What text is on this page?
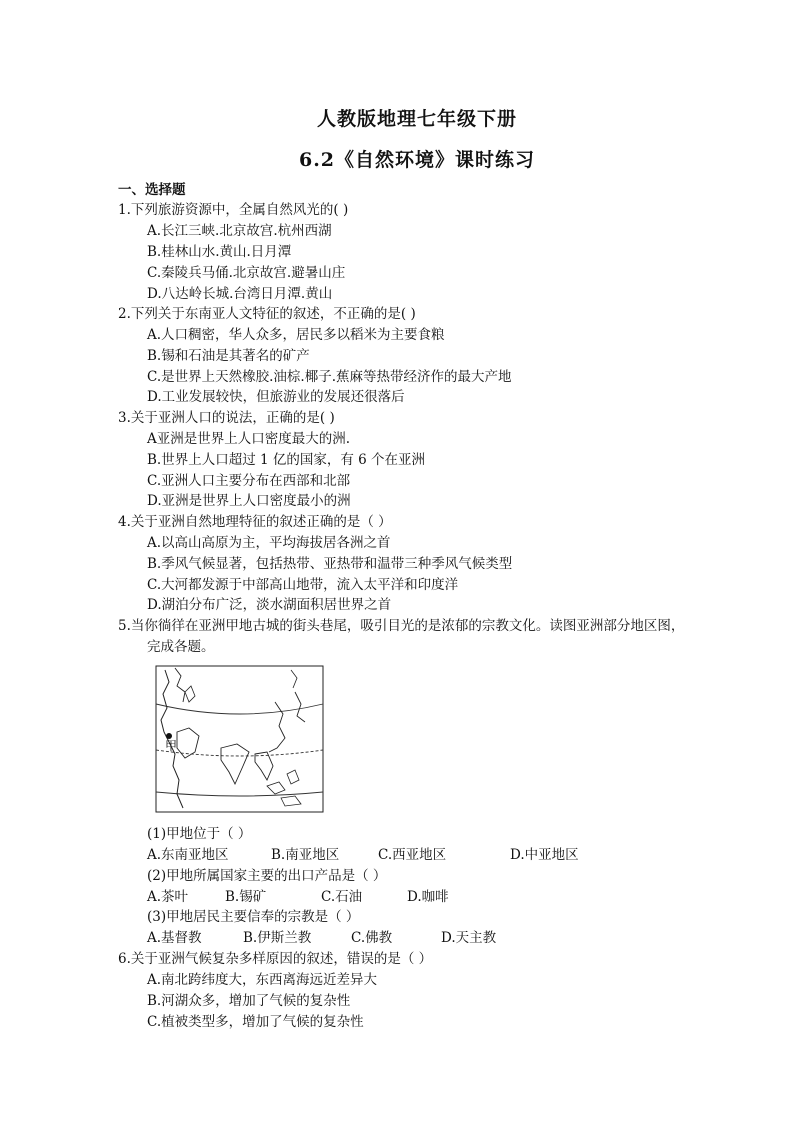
人教版地理七年级下册
6.2《自然环境》课时练习
一、选择题
1.下列旅游资源中，全属自然风光的( )
A.长江三峡.北京故宫.杭州西湖
B.桂林山水.黄山.日月潭
C.秦陵兵马俑.北京故宫.避暑山庄
D.八达岭长城.台湾日月潭.黄山
2.下列关于东南亚人文特征的叙述，不正确的是( )
A.人口稠密，华人众多，居民多以稻米为主要食粮
B.锡和石油是其著名的矿产
C.是世界上天然橡胶.油棕.椰子.蕉麻等热带经济作的最大产地
D.工业发展较快，但旅游业的发展还很落后
3.关于亚洲人口的说法，正确的是( )
A亚洲是世界上人口密度最大的洲.
B.世界上人口超过 1 亿的国家，有 6 个在亚洲
C.亚洲人口主要分布在西部和北部
D.亚洲是世界上人口密度最小的洲
4.关于亚洲自然地理特征的叙述正确的是（ ）
A.以高山高原为主，平均海拔居各洲之首
B.季风气候显著，包括热带、亚热带和温带三种季风气候类型
C.大河都发源于中部高山地带，流入太平洋和印度洋
D.湖泊分布广泛，淡水湖面积居世界之首
5.当你徜徉在亚洲甲地古城的街头巷尾，吸引目光的是浓郁的宗教文化。读图亚洲部分地区图，
完成各题。
甲
(1)甲地位于（ ）
A.东南亚地区	B.南亚地区	C.西亚地区	D.中亚地区
(2)甲地所属国家主要的出口产品是（ ）
A.茶叶	B.锡矿	C.石油	D.咖啡
(3)甲地居民主要信奉的宗教是（ ）
A.基督教	B.伊斯兰教	C.佛教	D.天主教
6.关于亚洲气候复杂多样原因的叙述，错误的是（ ）
A.南北跨纬度大，东西离海远近差异大
B.河湖众多，增加了气候的复杂性
C.植被类型多，增加了气候的复杂性
